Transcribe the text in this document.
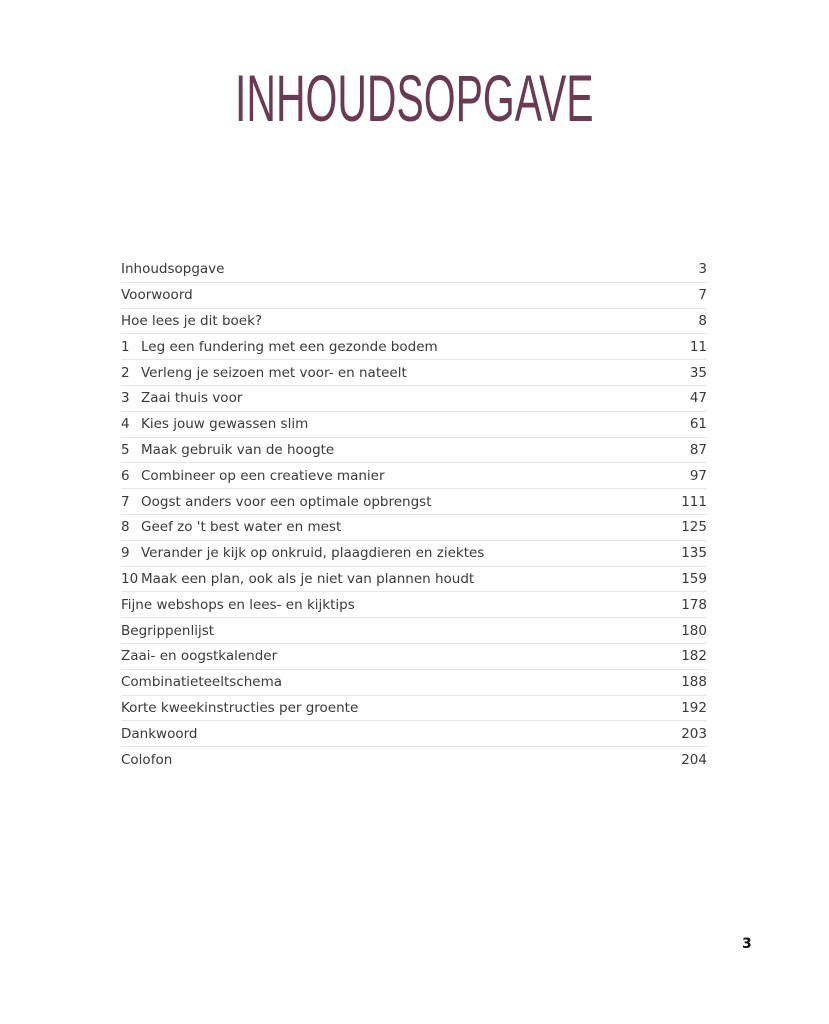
INHOUDSOPGAVE
Inhoudsopgave	3
Voorwoord	7
Hoe lees je dit boek?	8
1 Leg een fundering met een gezonde bodem	11
2 Verleng je seizoen met voor- en nateelt	35
3 Zaai thuis voor	47
4 Kies jouw gewassen slim	61
5 Maak gebruik van de hoogte	87
6 Combineer op een creatieve manier	97
7 Oogst anders voor een optimale opbrengst	111
8 Geef zo 't best water en mest	125
9 Verander je kijk op onkruid, plaagdieren en ziektes	135
10 Maak een plan, ook als je niet van plannen houdt	159
Fijne webshops en lees- en kijktips	178
Begrippenlijst	180
Zaai- en oogstkalender	182
Combinatieteeltschema	188
Korte kweekinstructies per groente	192
Dankwoord	203
Colofon	204
3
